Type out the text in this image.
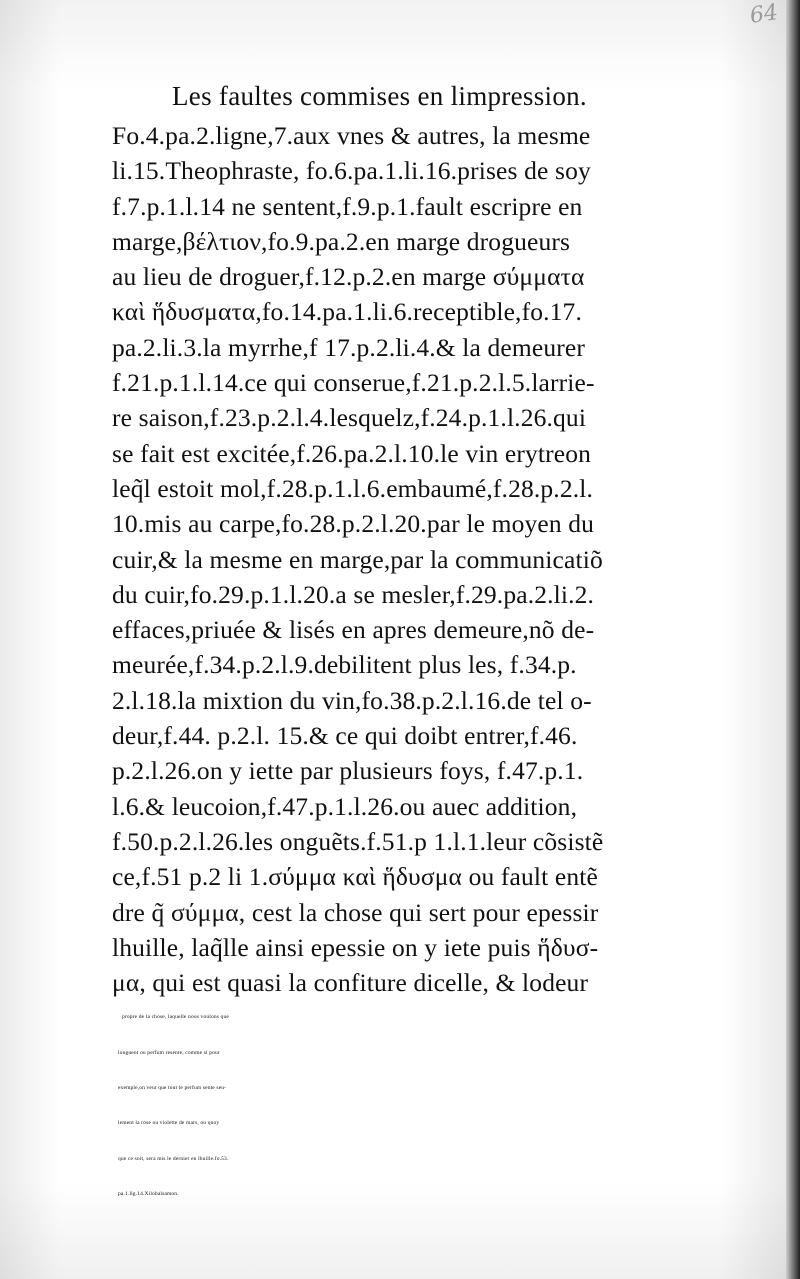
64
Les faultes commises en limpression.
Fo.4.pa.2.ligne,7.aux vnes & autres, la mesme
li.15.Theophraste, fo.6.pa.1.li.16.prises de soy
f.7.p.1.l.14 ne sentent,f.9.p.1.fault escripre en
marge,βέλτιον,fo.9.pa.2.en marge drogueurs
au lieu de droguer,f.12.p.2.en marge σύμματα
καὶ ἥδυσματα,fo.14.pa.1.li.6.receptible,fo.17.
pa.2.li.3.la myrrhe,f 17.p.2.li.4.& la demeurer
f.21.p.1.l.14.ce qui conserue,f.21.p.2.l.5.larrie-
re saison,f.23.p.2.l.4.lesquelz,f.24.p.1.l.26.qui
se fait est excitée,f.26.pa.2.l.10.le vin erytreon
leq̃l estoit mol,f.28.p.1.l.6.embaumé,f.28.p.2.l.
10.mis au carpe,fo.28.p.2.l.20.par le moyen du
cuir,& la mesme en marge,par la communicatiõ
du cuir,fo.29.p.1.l.20.a se mesler,f.29.pa.2.li.2.
effaces,priuée & lisés en apres demeure,nõ de-
meurée,f.34.p.2.l.9.debilitent plus les, f.34.p.
2.l.18.la mixtion du vin,fo.38.p.2.l.16.de tel o-
deur,f.44. p.2.l. 15.& ce qui doibt entrer,f.46.
p.2.l.26.on y iette par plusieurs foys, f.47.p.1.
l.6.& leucoion,f.47.p.1.l.26.ou auec addition,
f.50.p.2.l.26.les onguẽts.f.51.p 1.l.1.leur cõsistẽ
ce,f.51 p.2 li 1.σύμμα καὶ ἥδυσμα ou fault entẽ
dre q̃ σύμμα, cest la chose qui sert pour epessir
lhuille, laq̃lle ainsi epessie on y iete puis ἥδυσ-
μα, qui est quasi la confiture dicelle, & lodeur
propre de la chose, laquelle nous voulons que
longuent ou perfum resente, comme si pour
exemple,on veut que tout le perfum sente seu-
lement la rose ou violette de mars, ou quoy
que ce soit, sera mis le dernier en lhuille.fo.53.
pa.1.lig.14.Xilobalsamon.
